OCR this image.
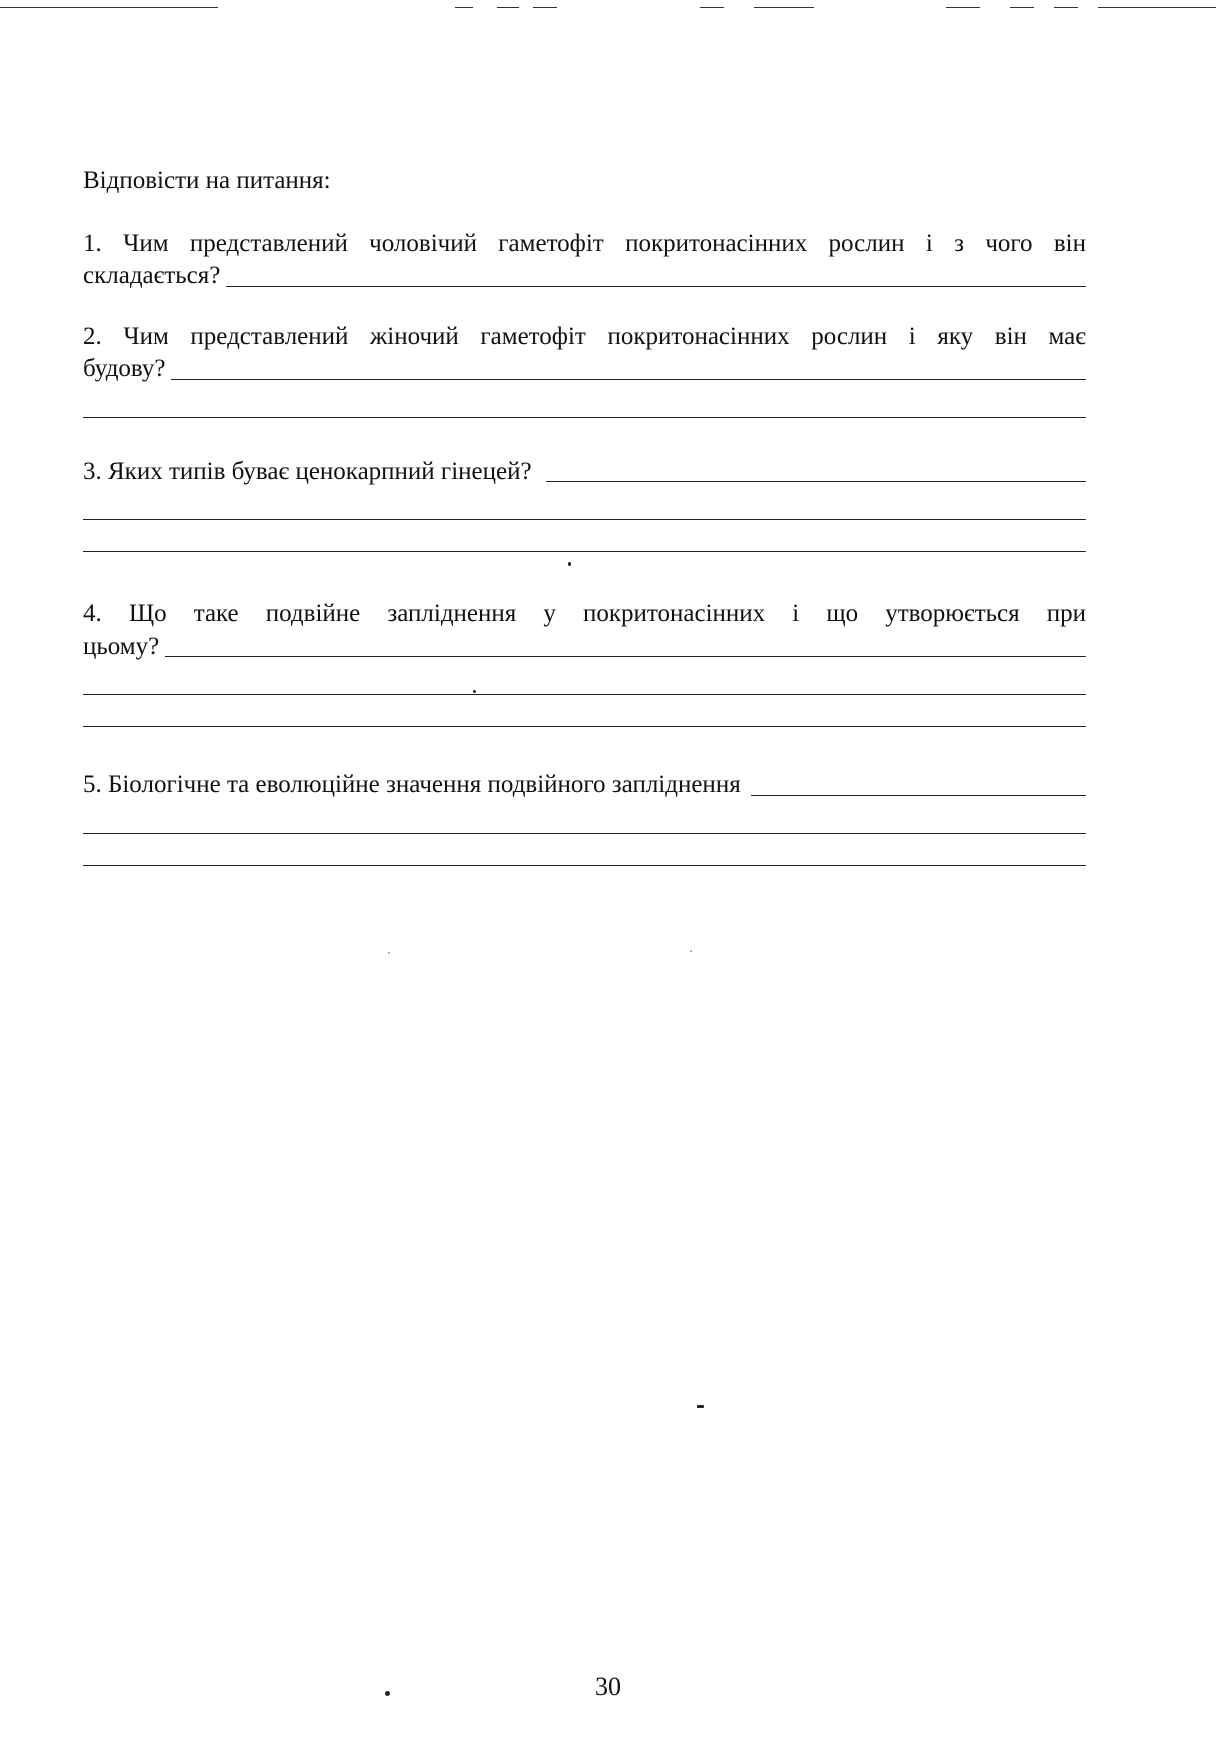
Відповісти на питання:

1. Чим представлений чоловічий гаметофіт покритонасінних рослин і з чого він
складається?
2. Чим представлений жіночий гаметофіт покритонасінних рослин і яку він має
будову?
3. Яких типів буває ценокарпний гінецей?
4. Що таке подвійне запліднення у покритонасінних і що утворюється при
цьому?
5. Біологічне та еволюційне значення подвійного запліднення
30
